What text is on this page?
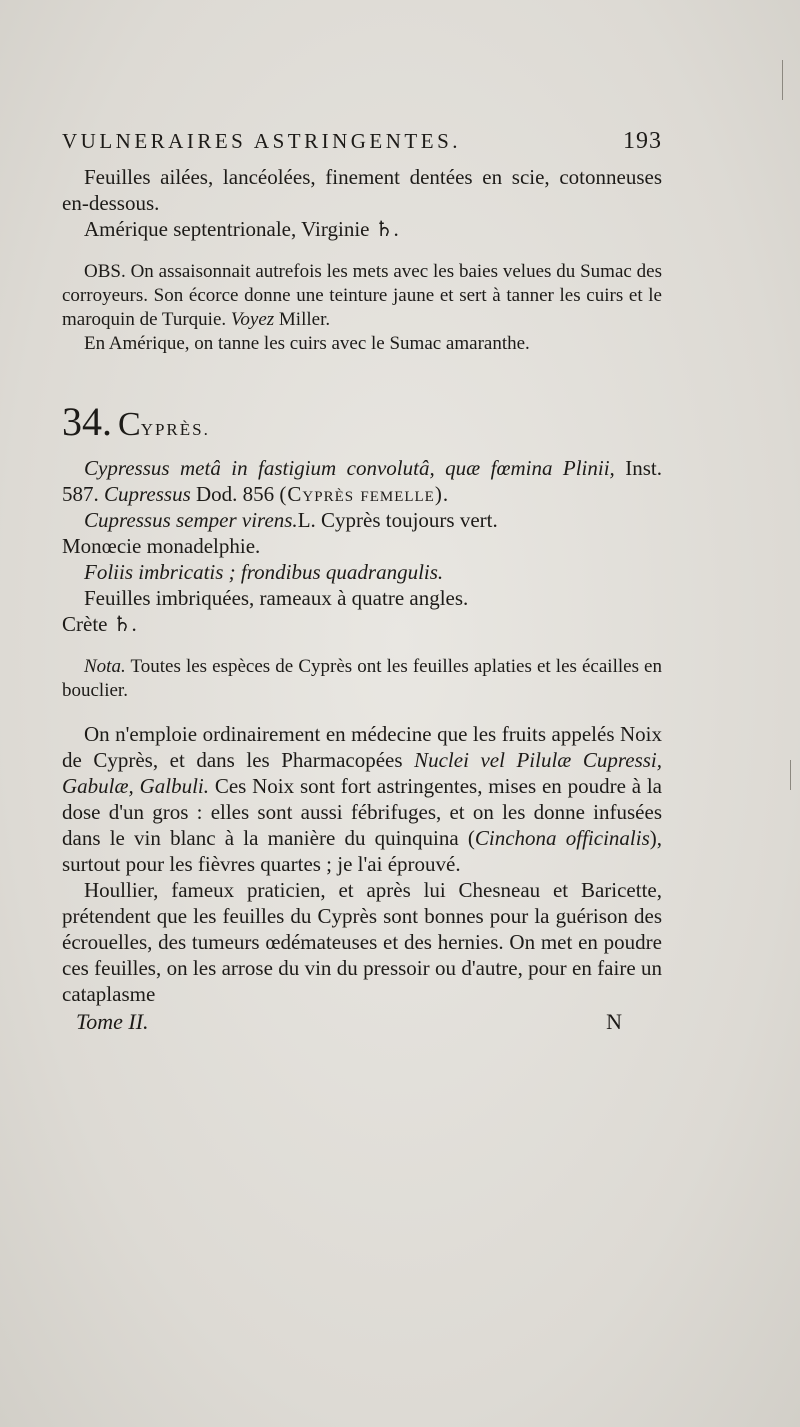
VULNERAIRES ASTRINGENTES.	193

Feuilles ailées, lancéolées, finement dentées en scie, cotonneuses en-dessous.

Amérique septentrionale, Virginie ♄.

OBS. On assaisonnait autrefois les mets avec les baies velues du Sumac des corroyeurs. Son écorce donne une teinture jaune et sert à tanner les cuirs et le maroquin de Turquie. Voyez Miller.

En Amérique, on tanne les cuirs avec le Sumac amaranthe.

34. CYPRÈS.

Cypressus metâ in fastigium convolutâ, quæ fœmina Plinii, Inst. 587. Cupressus Dod. 856 (Cyprès femelle).

Cupressus semper virens.L. Cyprès toujours vert.

Monœcie monadelphie.

Foliis imbricatis ; frondibus quadrangulis.

Feuilles imbriquées, rameaux à quatre angles.

Crète ♄.

Nota. Toutes les espèces de Cyprès ont les feuilles aplaties et les écailles en bouclier.

On n'emploie ordinairement en médecine que les fruits appelés Noix de Cyprès, et dans les Pharmacopées Nuclei vel Pilulæ Cupressi, Gabulæ, Galbuli. Ces Noix sont fort astringentes, mises en poudre à la dose d'un gros : elles sont aussi fébrifuges, et on les donne infusées dans le vin blanc à la manière du quinquina (Cinchona officinalis), surtout pour les fièvres quartes ; je l'ai éprouvé.

Houllier, fameux praticien, et après lui Chesneau et Baricette, prétendent que les feuilles du Cyprès sont bonnes pour la guérison des écrouelles, des tumeurs œdémateuses et des hernies. On met en poudre ces feuilles, on les arrose du vin du pressoir ou d'autre, pour en faire un cataplasme

Tome II.	N
